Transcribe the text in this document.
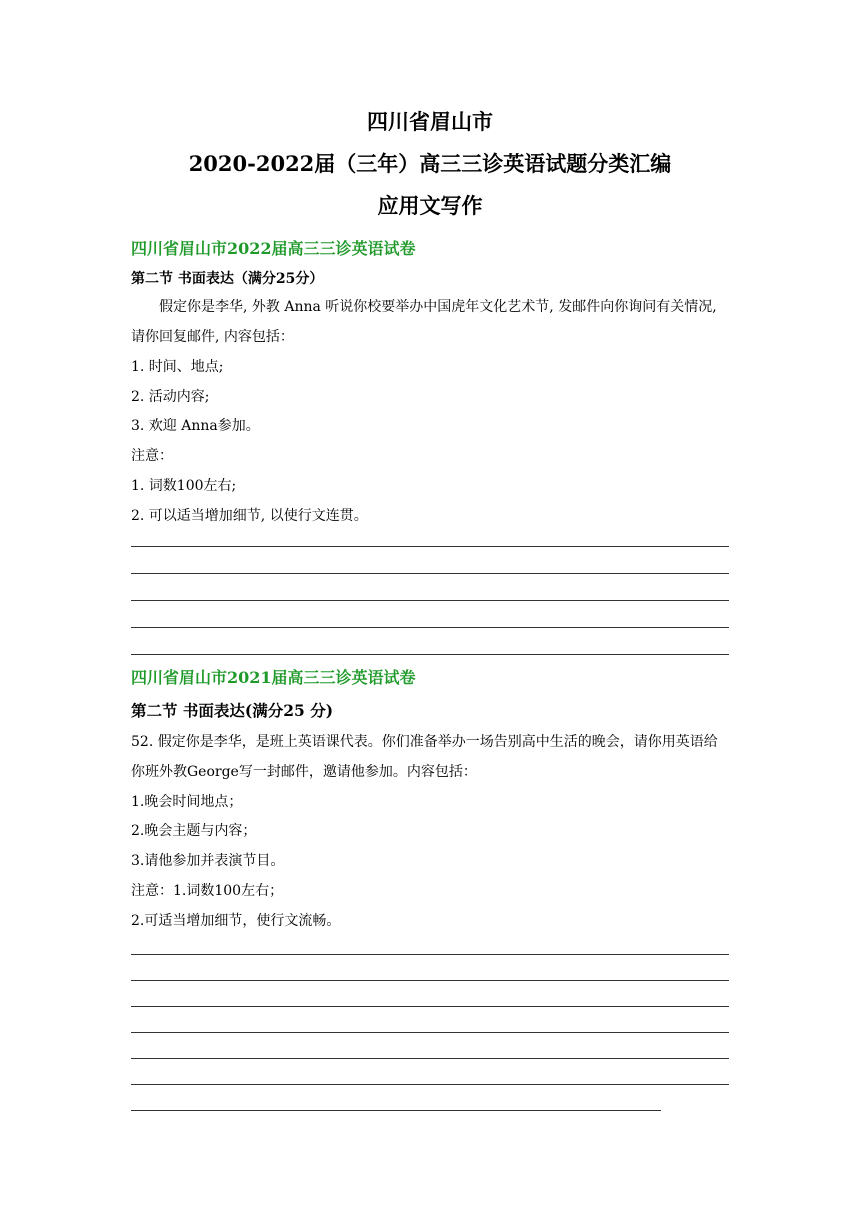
四川省眉山市
2020-2022届（三年）高三三诊英语试题分类汇编
应用文写作
四川省眉山市2022届高三三诊英语试卷
第二节 书面表达（满分25分）
假定你是李华, 外教 Anna 听说你校要举办中国虎年文化艺术节, 发邮件向你询问有关情况, 请你回复邮件, 内容包括：
1. 时间、地点;
2. 活动内容;
3. 欢迎 Anna参加。
注意：
1. 词数100左右;
2. 可以适当增加细节, 以使行文连贯。
四川省眉山市2021届高三三诊英语试卷
第二节 书面表达(满分25 分)
52. 假定你是李华，是班上英语课代表。你们准备举办一场告别高中生活的晚会，请你用英语给你班外教George写一封邮件，邀请他参加。内容包括：
1.晚会时间地点；
2.晚会主题与内容；
3.请他参加并表演节目。
注意：1.词数100左右；
2.可适当增加细节，使行文流畅。
